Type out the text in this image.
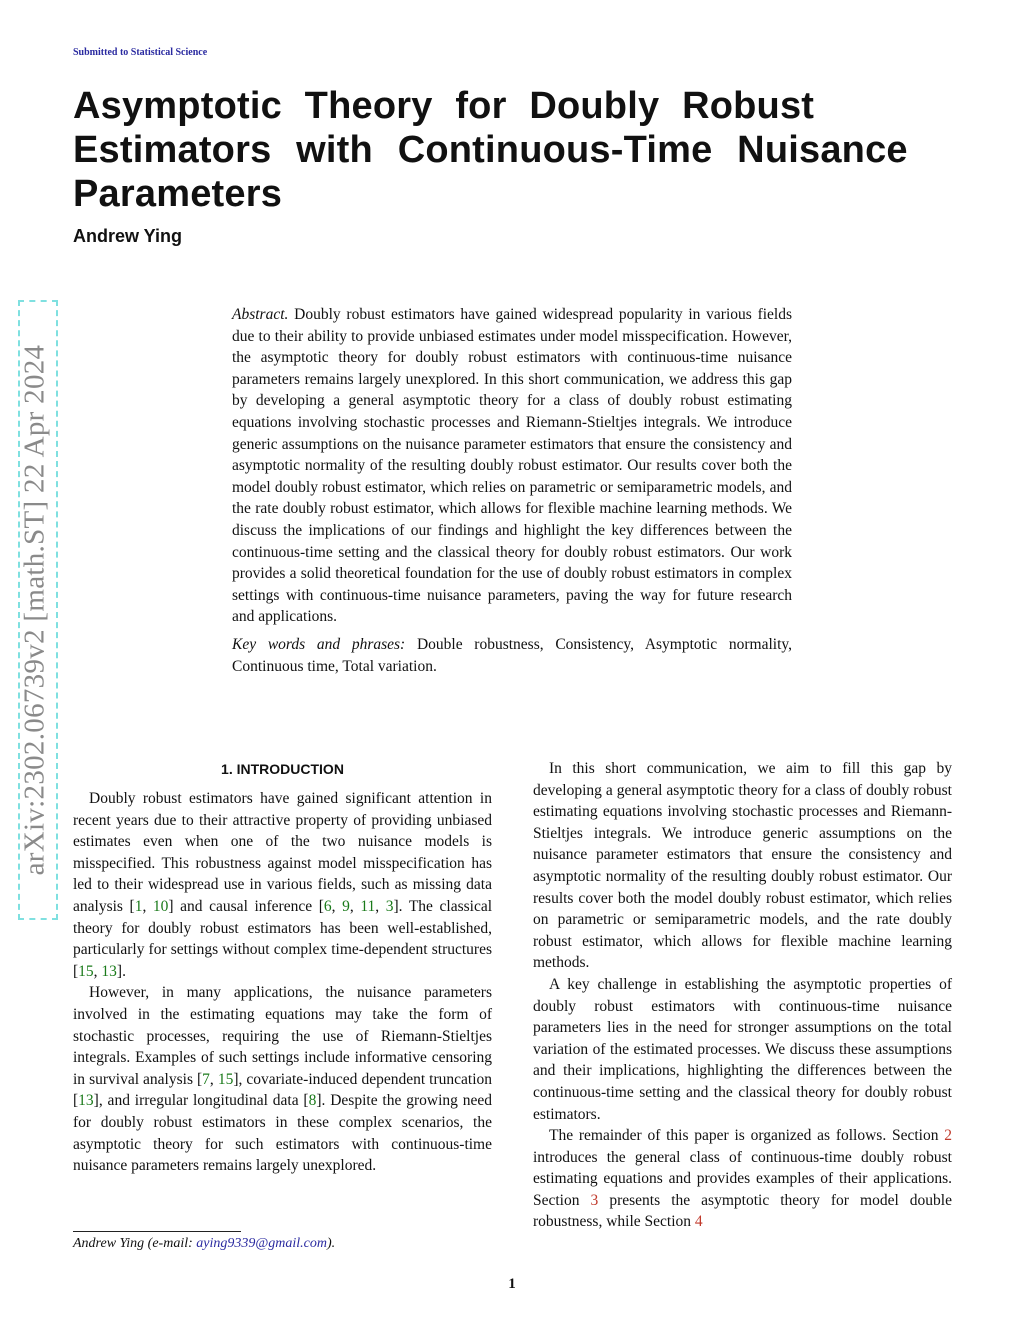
Submitted to Statistical Science
Asymptotic Theory for Doubly Robust
Estimators with Continuous-Time Nuisance
Parameters
Andrew Ying
arXiv:2302.06739v2 [math.ST] 22 Apr 2024

Abstract. Doubly robust estimators have gained widespread popularity in various fields due to their ability to provide unbiased estimates under model misspecification. However, the asymptotic theory for doubly robust estimators with continuous-time nuisance parameters remains largely unexplored. In this short communication, we address this gap by developing a general asymptotic theory for a class of doubly robust estimating equations involving stochastic processes and Riemann-Stieltjes integrals. We introduce generic assumptions on the nuisance parameter estimators that ensure the consistency and asymptotic normality of the resulting doubly robust estimator. Our results cover both the model doubly robust estimator, which relies on parametric or semiparametric models, and the rate doubly robust estimator, which allows for flexible machine learning methods. We discuss the implications of our findings and highlight the key differences between the continuous-time setting and the classical theory for doubly robust estimators. Our work provides a solid theoretical foundation for the use of doubly robust estimators in complex settings with continuous-time nuisance parameters, paving the way for future research and applications.

Key words and phrases: Double robustness, Consistency, Asymptotic normality, Continuous time, Total variation.

1. INTRODUCTION

Doubly robust estimators have gained significant attention in recent years due to their attractive property of providing unbiased estimates even when one of the two nuisance models is misspecified. This robustness against model misspecification has led to their widespread use in various fields, such as missing data analysis [1, 10] and causal inference [6, 9, 11, 3]. The classical theory for doubly robust estimators has been well-established, particularly for settings without complex time-dependent structures [15, 13].

However, in many applications, the nuisance parameters involved in the estimating equations may take the form of stochastic processes, requiring the use of Riemann-Stieltjes integrals. Examples of such settings include informative censoring in survival analysis [7, 15], covariate-induced dependent truncation [13], and irregular longitudinal data [8]. Despite the growing need for doubly robust estimators in these complex scenarios, the asymptotic theory for such estimators with continuous-time nuisance parameters remains largely unexplored.

In this short communication, we aim to fill this gap by developing a general asymptotic theory for a class of doubly robust estimating equations involving stochastic processes and Riemann-Stieltjes integrals. We introduce generic assumptions on the nuisance parameter estimators that ensure the consistency and asymptotic normality of the resulting doubly robust estimator. Our results cover both the model doubly robust estimator, which relies on parametric or semiparametric models, and the rate doubly robust estimator, which allows for flexible machine learning methods.

A key challenge in establishing the asymptotic properties of doubly robust estimators with continuous-time nuisance parameters lies in the need for stronger assumptions on the total variation of the estimated processes. We discuss these assumptions and their implications, highlighting the differences between the continuous-time setting and the classical theory for doubly robust estimators.

The remainder of this paper is organized as follows. Section 2 introduces the general class of continuous-time doubly robust estimating equations and provides examples of their applications. Section 3 presents the asymptotic theory for model double robustness, while Section 4

Andrew Ying (e-mail: aying9339@gmail.com).
1
